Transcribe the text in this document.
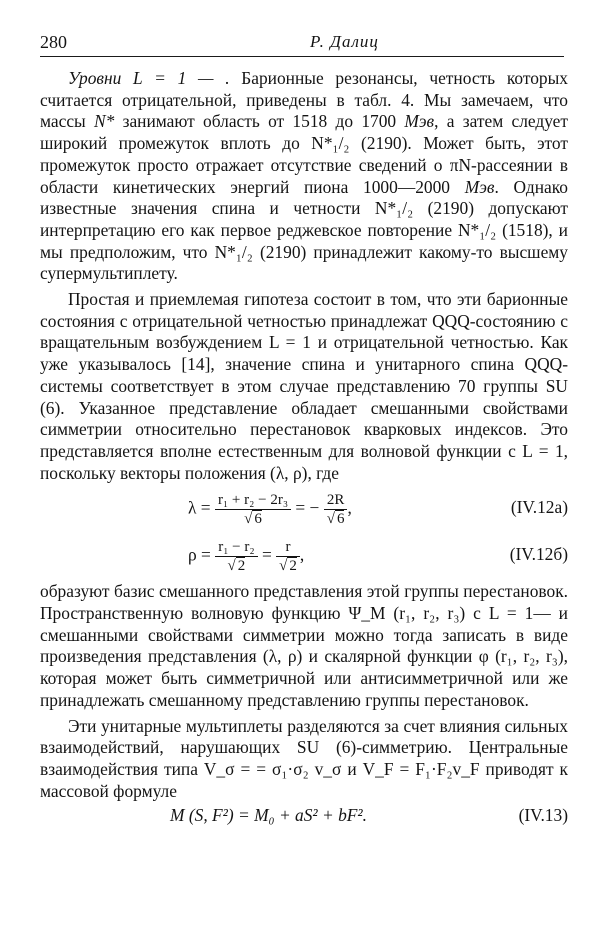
280	Р. Далиц

Уровни L = 1 — . Барионные резонансы, четность которых считается отрицательной, приведены в табл. 4. Мы замечаем, что массы N* занимают область от 1518 до 1700 Мэв, а затем следует широкий промежуток вплоть до N*₁/₂ (2190). Может быть, этот промежуток просто отражает отсутствие сведений о πN-рассеянии в области кинетических энергий пиона 1000—2000 Мэв. Однако известные значения спина и четности N*₁/₂ (2190) допускают интерпретацию его как первое реджевское повторение N*₁/₂ (1518), и мы предположим, что N*₁/₂ (2190) принадлежит какому-то высшему супермультиплету.

Простая и приемлемая гипотеза состоит в том, что эти барионные состояния с отрицательной четностью принадлежат QQQ-состоянию с вращательным возбуждением L = 1 и отрицательной четностью. Как уже указывалось [14], значение спина и унитарного спина QQQ-системы соответствует в этом случае представлению 70 группы SU (6). Указанное представление обладает смешанными свойствами симметрии относительно перестановок кварковых индексов. Это представляется вполне естественным для волновой функции с L = 1, поскольку векторы положения (λ, ρ), где

$\lambda = \frac{\text{r₁ + r₂ − 2r₃}}{√ 6}$ = − $\frac{2R}{√ 6}$ ,	(IV.12а)
$\rho = \frac{\text{r₁ − r₂}}{√ 2} = \frac{r}{√ 2}$ ,	(IV.12б)

образуют базис смешанного представления этой группы перестановок. Пространственную волновую функцию Ψ_M (r₁, r₂, r₃) с L = 1— и смешанными свойствами симметрии можно тогда записать в виде произведения представления (λ, ρ) и скалярной функции φ (r₁, r₂, r₃), которая может быть симметричной или антисимметричной или же принадлежать смешанному представлению группы перестановок.

Эти унитарные мультиплеты разделяются за счет влияния сильных взаимодействий, нарушающих SU (6)-симметрию. Центральные взаимодействия типа V_σ = = σ₁·σ₂ v_σ и V_F = F₁·F₂v_F приводят к массовой формуле

M (S, F²) = M₀ + aS² + bF².	(IV.13)
